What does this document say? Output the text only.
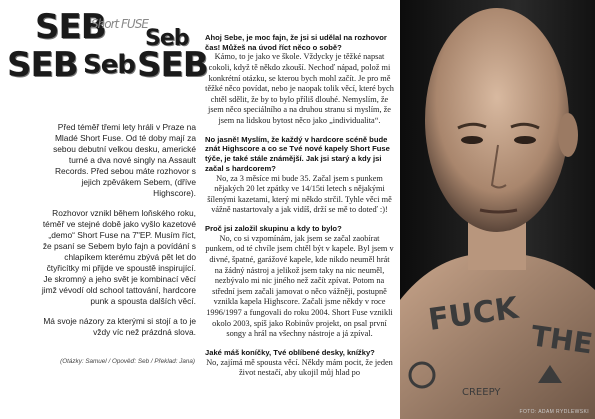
SEB
Short FUSE
Seb
SEB Seb SEB

Před téměř třemi lety hráli v Praze na Mladé Short Fuse. Od té doby mají za sebou debutní velkou desku, americké turné a dva nové singly na Assault Records. Před sebou máte rozhovor s jejich zpěvákem Sebem, (dříve Highscore).

Rozhovor vznikl během loňského roku, téměř ve stejné době jako vyšlo kazetové „demo“ Short Fuse na 7"EP. Musím říct, že psaní se Sebem bylo fajn a povídání s chlapíkem kterému zbývá pět let do čtyřicítky mi přijde ve spoustě inspirující. Je skromný a jeho svět je kombinací věcí jimž vévodí old school tattování, hardcore punk a spousta dalších věcí.

Má svoje názory za kterými si stojí a to je vždy víc než prázdná slova.

(Otázky: Samuel / Opověď: Seb / Překlad: Jana)

Ahoj Sebe, je moc fajn, že jsi si udělal na rozhovor čas! Můžeš na úvod říct něco o sobě?

Kámo, to je jako ve škole. Vždycky je těžké napsat cokoli, když tě někdo zkouší. Nechoď nápad, polož mi konkrétní otázku, se kterou bych mohl začít. Je pro mě těžké něco povídat, nebo je naopak tolik věcí, které bych chtěl sdělit, že by to bylo příliš dlouhé. Nemyslím, že jsem něco speciálního a na druhou stranu si myslím, že jsem na lidskou bytost něco jako „individualita“.

No jasně! Myslím, že každý v hardcore scéně bude znát Highscore a co se Tvé nové kapely Short Fuse týče, je také stále známější. Jak jsi starý a kdy jsi začal s hardcorem?

No, za 3 měsíce mi bude 35. Začal jsem s punkem nějakých 20 let zpátky ve 14/15ti letech s nějakými šílenými kazetami, který mi někdo strčil. Tyhle věci mě vážně nastartovaly a jak vidíš, drží se mě to doteď :)!

Proč jsi založil skupinu a kdy to bylo?

No, co si vzpomínám, jak jsem se začal zaobírat punkem, od té chvíle jsem chtěl být v kapele. Byl jsem v divné, špatné, garážové kapele, kde nikdo neuměl hrát na žádný nástroj a jelikož jsem taky na nic neuměl, nezbývalo mi nic jiného než začít zpívat. Potom na střední jsem začali jamovat o něco vážněji, postupně vznikla kapela Highscore. Začali jsme někdy v roce 1996/1997 a fungovali do roku 2004. Short Fuse vznikli okolo 2003, spíš jako Robinův projekt, on psal první songy a hrál na všechny nástroje a já zpíval.

Jaké máš koníčky, Tvé oblíbené desky, knížky?

No, zajímá mě spousta věcí. Někdy mám pocit, že jeden život nestačí, aby ukojil můj hlad po

FUCK
THE
CREEPY
FOTO: ADAM RYDLEWSKI
